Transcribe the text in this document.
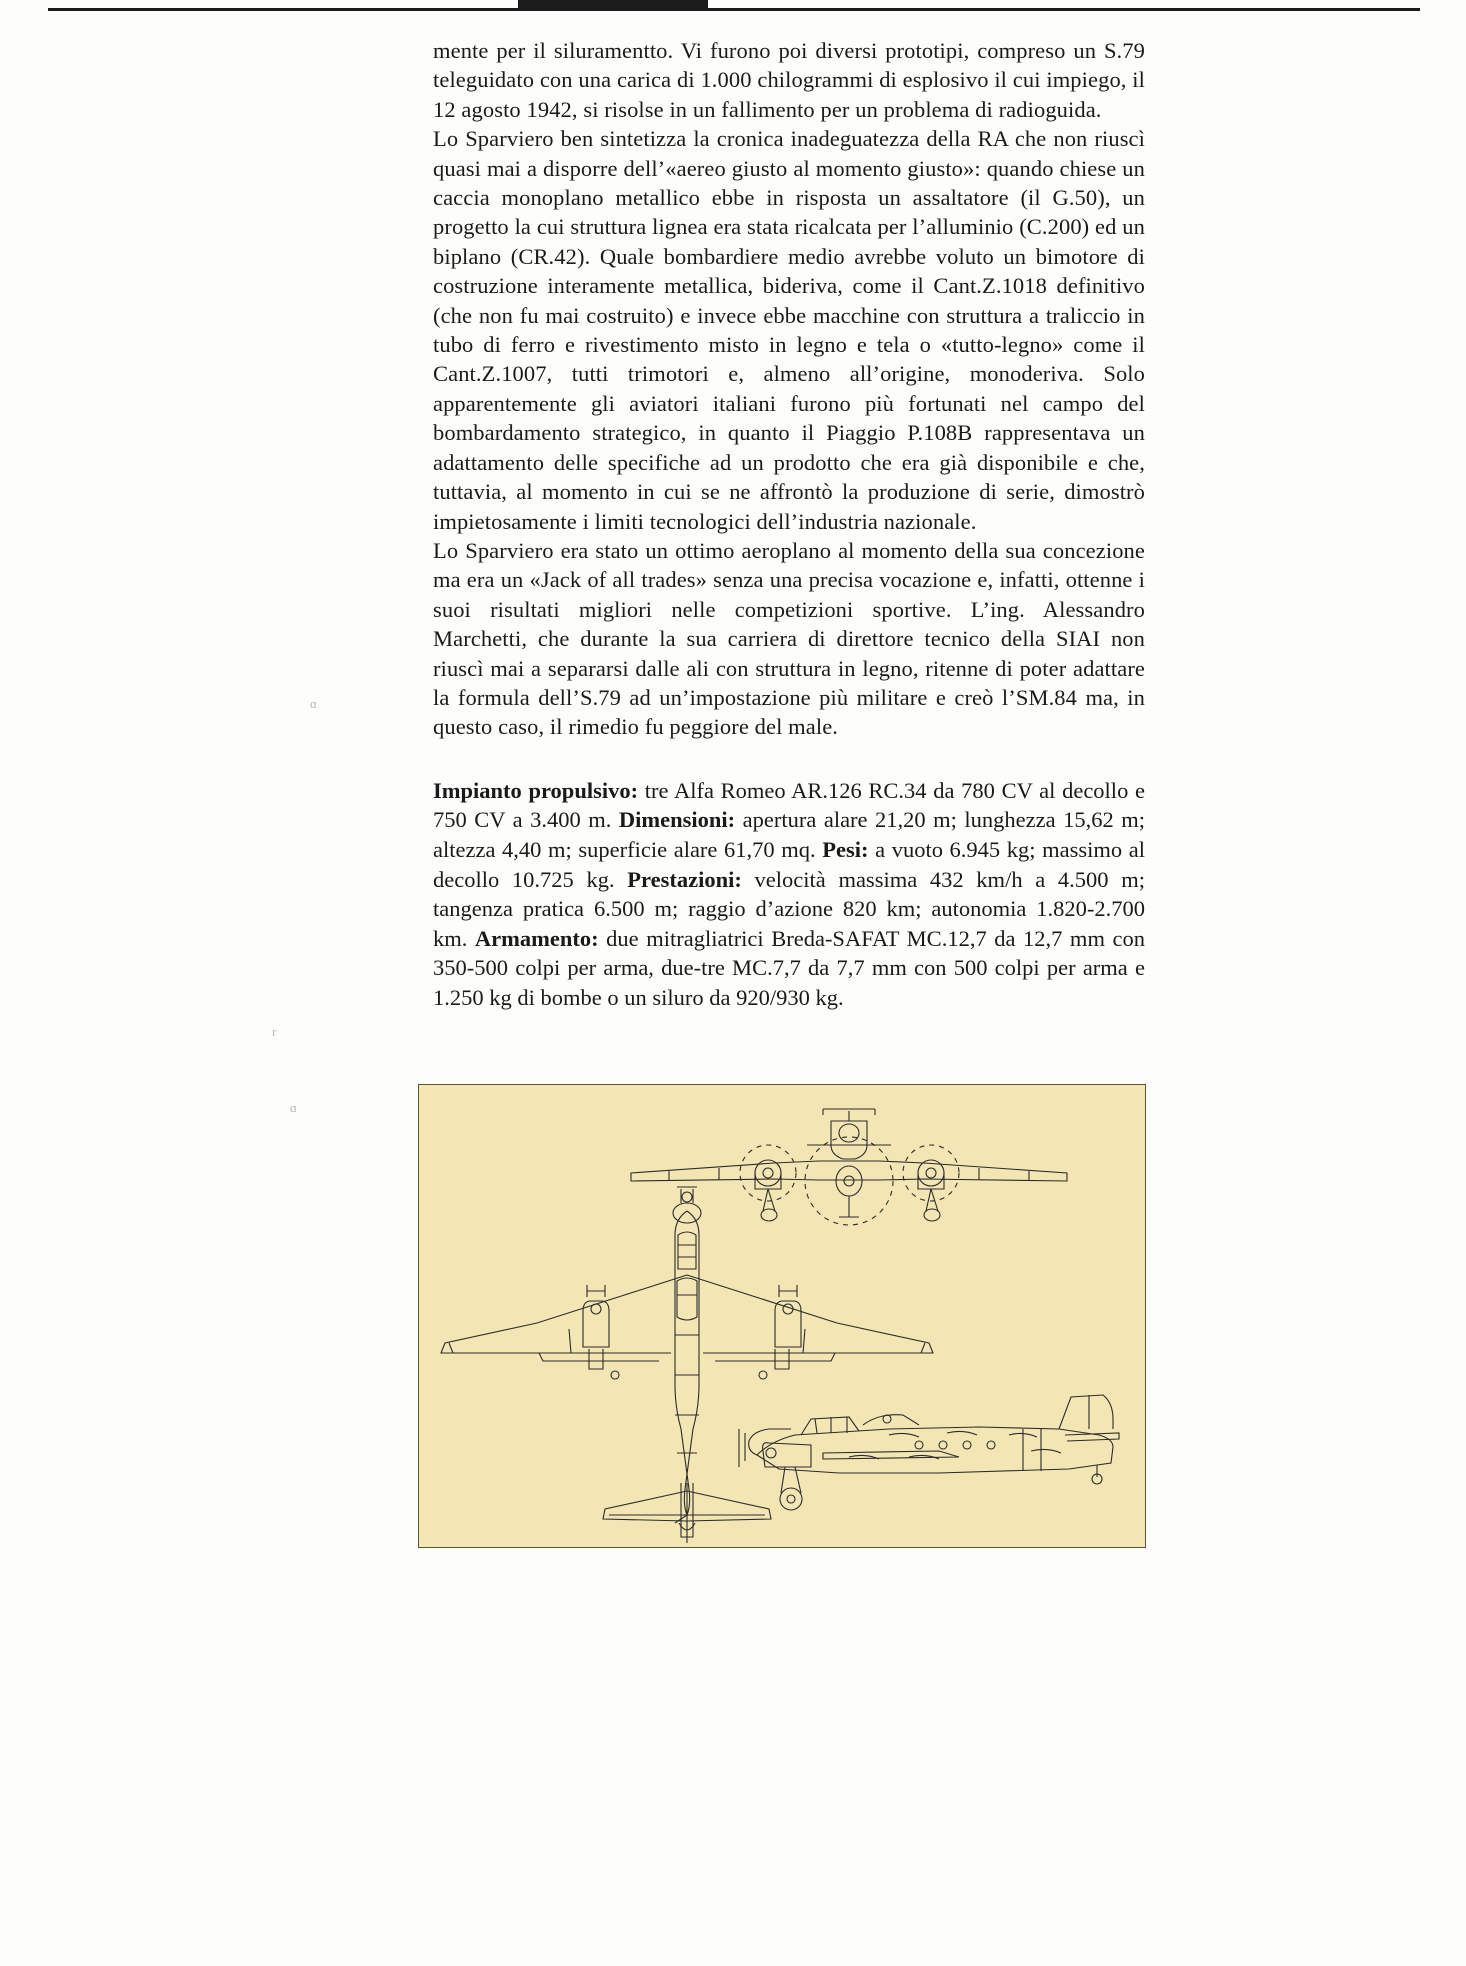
ɑ
r
ɑ

mente per il siluramentto. Vi furono poi diversi prototipi, compreso un S.79 teleguidato con una carica di 1.000 chilogrammi di esplosivo il cui impiego, il 12 agosto 1942, si risolse in un fallimento per un problema di radioguida.

Lo Sparviero ben sintetizza la cronica inadeguatezza della RA che non riuscì quasi mai a disporre dell’«aereo giusto al momento giusto»: quando chiese un caccia monoplano metallico ebbe in risposta un assaltatore (il G.50), un progetto la cui struttura lignea era stata ricalcata per l’alluminio (C.200) ed un biplano (CR.42). Quale bombardiere medio avrebbe voluto un bimotore di costruzione interamente metallica, bideriva, come il Cant.Z.1018 definitivo (che non fu mai costruito) e invece ebbe macchine con struttura a traliccio in tubo di ferro e rivestimento misto in legno e tela o «tutto-legno» come il Cant.Z.1007, tutti trimotori e, almeno all’origine, monoderiva. Solo apparentemente gli aviatori italiani furono più fortunati nel campo del bombardamento strategico, in quanto il Piaggio P.108B rappresentava un adattamento delle specifiche ad un prodotto che era già disponibile e che, tuttavia, al momento in cui se ne affrontò la produzione di serie, dimostrò impietosamente i limiti tecnologici dell’industria nazionale.

Lo Sparviero era stato un ottimo aeroplano al momento della sua concezione ma era un «Jack of all trades» senza una precisa vocazione e, infatti, ottenne i suoi risultati migliori nelle competizioni sportive. L’ing. Alessandro Marchetti, che durante la sua carriera di direttore tecnico della SIAI non riuscì mai a separarsi dalle ali con struttura in legno, ritenne di poter adattare la formula dell’S.79 ad un’impostazione più militare e creò l’SM.84 ma, in questo caso, il rimedio fu peggiore del male.

Impianto propulsivo: tre Alfa Romeo AR.126 RC.34 da 780 CV al decollo e 750 CV a 3.400 m. Dimensioni: apertura alare 21,20 m; lunghezza 15,62 m; altezza 4,40 m; superficie alare 61,70 mq. Pesi: a vuoto 6.945 kg; massimo al decollo 10.725 kg. Prestazioni: velocità massima 432 km/h a 4.500 m; tangenza pratica 6.500 m; raggio d’azione 820 km; autonomia 1.820-2.700 km. Armamento: due mitragliatrici Breda-SAFAT MC.12,7 da 12,7 mm con 350-500 colpi per arma, due-tre MC.7,7 da 7,7 mm con 500 colpi per arma e 1.250 kg di bombe o un siluro da 920/930 kg.
